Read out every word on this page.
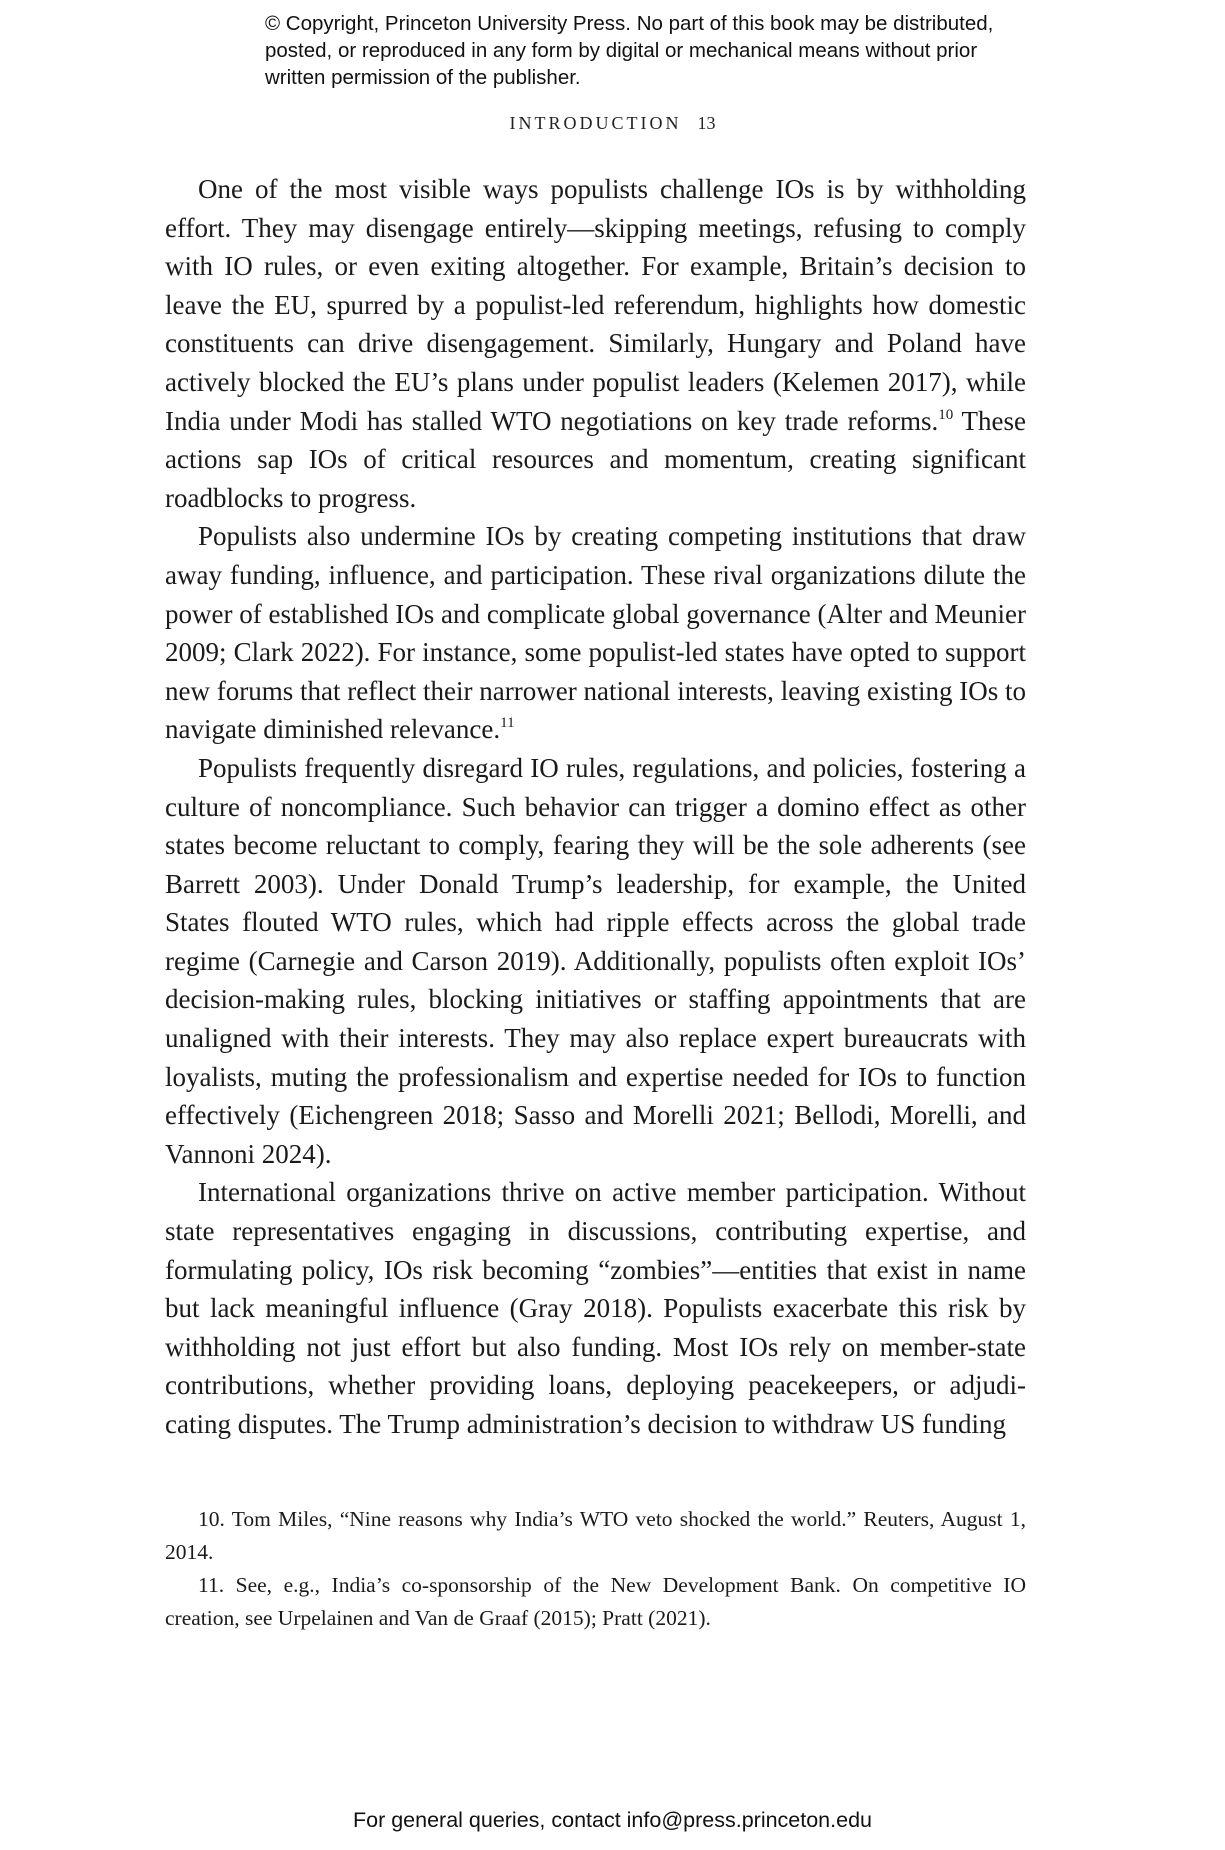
© Copyright, Princeton University Press. No part of this book may be distributed, posted, or reproduced in any form by digital or mechanical means without prior written permission of the publisher.
INTRODUCTION 13

One of the most visible ways populists challenge IOs is by withholding effort. They may disengage entirely—skipping meetings, refusing to comply with IO rules, or even exiting altogether. For example, Britain’s decision to leave the EU, spurred by a populist-led referendum, highlights how domestic constituents can drive disengagement. Similarly, Hungary and Poland have actively blocked the EU’s plans under populist leaders (Kelemen 2017), while India under Modi has stalled WTO negotiations on key trade reforms.$^{10}$ These actions sap IOs of critical resources and momentum, creating significant roadblocks to progress.

Populists also undermine IOs by creating competing institutions that draw away funding, influence, and participation. These rival organizations dilute the power of established IOs and complicate global governance (Alter and Meunier 2009; Clark 2022). For instance, some populist-led states have opted to support new forums that reflect their narrower national interests, leaving existing IOs to navigate diminished relevance.$^{11}$

Populists frequently disregard IO rules, regulations, and policies, fostering a culture of noncompliance. Such behavior can trigger a domino effect as other states become reluctant to comply, fearing they will be the sole adherents (see Barrett 2003). Under Donald Trump’s leadership, for example, the United States flouted WTO rules, which had ripple effects across the global trade regime (Carnegie and Carson 2019). Additionally, populists often exploit IOs’ decision-making rules, blocking initiatives or staffing appointments that are unaligned with their interests. They may also replace expert bureaucrats with loyalists, muting the professionalism and expertise needed for IOs to function effectively (Eichengreen 2018; Sasso and Morelli 2021; Bellodi, Morelli, and Vannoni 2024).

International organizations thrive on active member participation. Without state representatives engaging in discussions, contributing expertise, and formulating policy, IOs risk becoming “zombies”—entities that exist in name but lack meaningful influence (Gray 2018). Populists exacerbate this risk by withholding not just effort but also funding. Most IOs rely on member-state contributions, whether providing loans, deploying peacekeepers, or adjudicating disputes. The Trump administration’s decision to withdraw US funding

10. Tom Miles, “Nine reasons why India’s WTO veto shocked the world.” Reuters, August 1, 2014.

11. See, e.g., India’s co-sponsorship of the New Development Bank. On competitive IO creation, see Urpelainen and Van de Graaf (2015); Pratt (2021).

For general queries, contact info@press.princeton.edu
